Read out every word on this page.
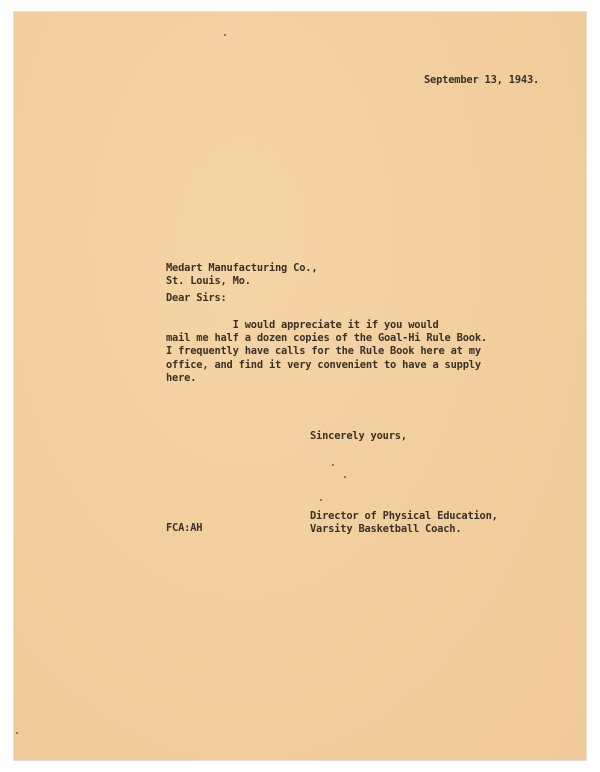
September 13, 1943.
Medart Manufacturing Co.,
St. Louis, Mo.
Dear Sirs:
I would appreciate it if you would
mail me half a dozen copies of the Goal-Hi Rule Book.
I frequently have calls for the Rule Book here at my
office, and find it very convenient to have a supply
here.
Sincerely yours,
Director of Physical Education,
Varsity Basketball Coach.
FCA:AH
